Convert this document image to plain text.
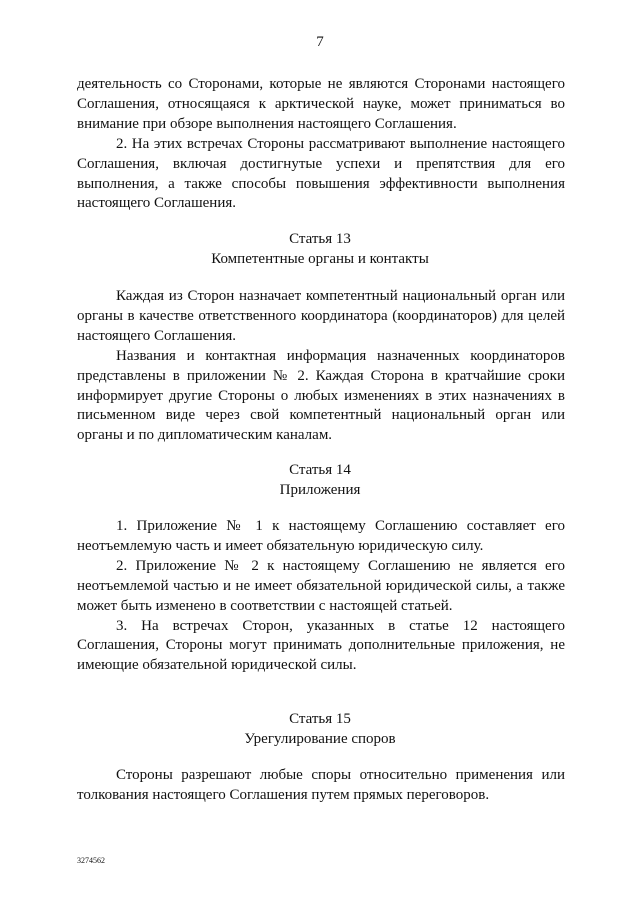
7

деятельность со Сторонами, которые не являются Сторонами настоящего Соглашения, относящаяся к арктической науке, может приниматься во внимание при обзоре выполнения настоящего Соглашения.

2. На этих встречах Стороны рассматривают выполнение настоящего Соглашения, включая достигнутые успехи и препятствия для его выполнения, а также способы повышения эффективности выполнения настоящего Соглашения.

Статья 13
Компетентные органы и контакты

Каждая из Сторон назначает компетентный национальный орган или органы в качестве ответственного координатора (координаторов) для целей настоящего Соглашения.

Названия и контактная информация назначенных координаторов представлены в приложении № 2. Каждая Сторона в кратчайшие сроки информирует другие Стороны о любых изменениях в этих назначениях в письменном виде через свой компетентный национальный орган или органы и по дипломатическим каналам.

Статья 14
Приложения

1. Приложение № 1 к настоящему Соглашению составляет его неотъемлемую часть и имеет обязательную юридическую силу.

2. Приложение № 2 к настоящему Соглашению не является его неотъемлемой частью и не имеет обязательной юридической силы, а также может быть изменено в соответствии с настоящей статьей.

3. На встречах Сторон, указанных в статье 12 настоящего Соглашения, Стороны могут принимать дополнительные приложения, не имеющие обязательной юридической силы.

Статья 15
Урегулирование споров

Стороны разрешают любые споры относительно применения или толкования настоящего Соглашения путем прямых переговоров.

3274562
